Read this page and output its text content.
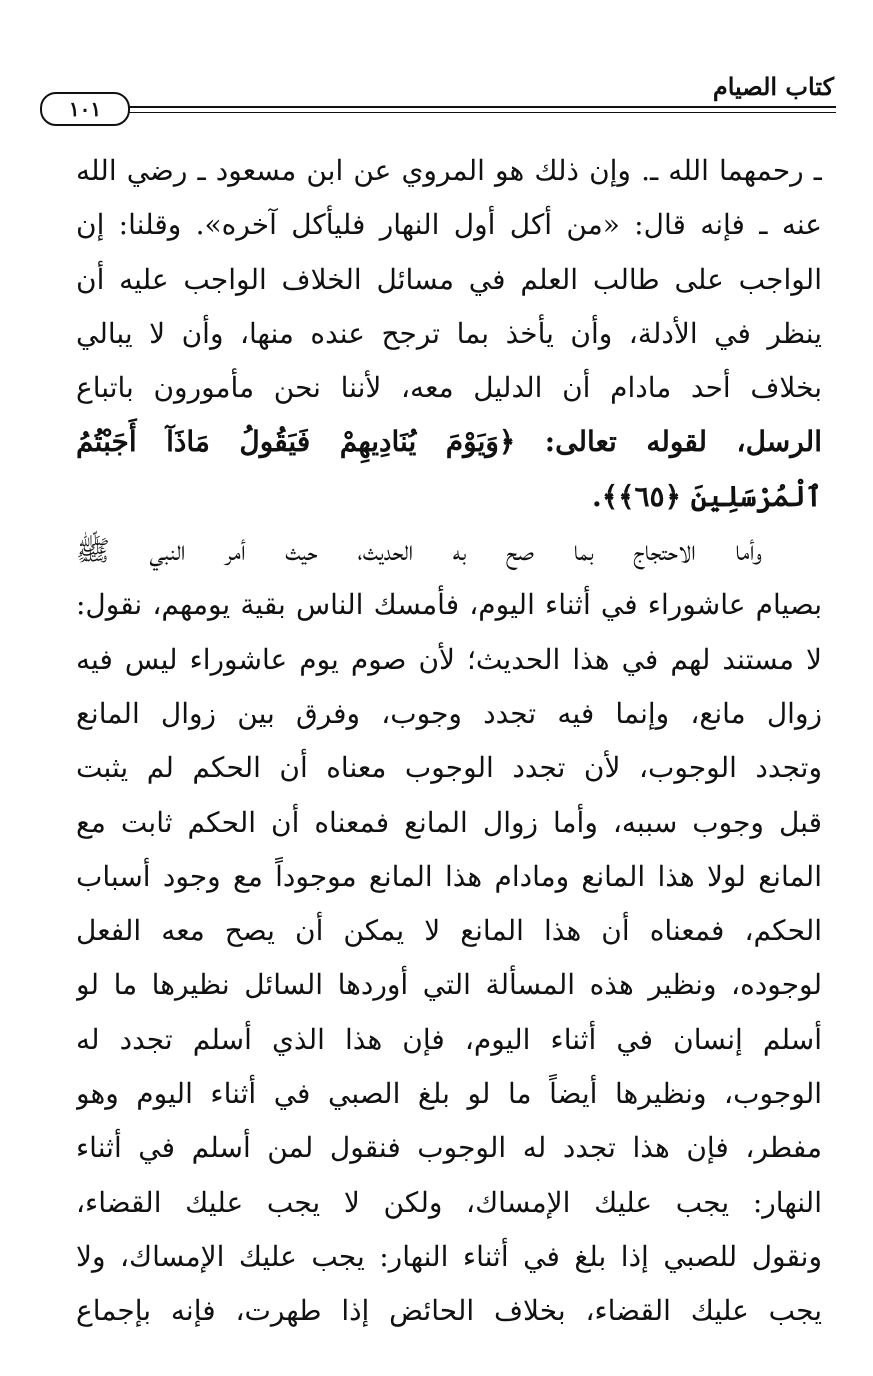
كتاب الصيام
١٠١
ـ رحمهما الله ـ. وإن ذلك هو المروي عن ابن مسعود ـ رضي الله
عنه ـ فإنه قال: «من أكل أول النهار فليأكل آخره». وقلنا: إن
الواجب على طالب العلم في مسائل الخلاف الواجب عليه أن
ينظر في الأدلة، وأن يأخذ بما ترجح عنده منها، وأن لا يبالي
بخلاف أحد مادام أن الدليل معه، لأننا نحن مأمورون باتباع
الرسل، لقوله تعالى: ﴿وَيَوْمَ يُنَادِيهِمْ فَيَقُولُ مَاذَآ أَجَبْتُمُ
ٱلْمُرْسَلِينَ ﴿٦٥﴾﴾.
وأما الاحتجاج بما صح به الحديث، حيث أمر النبي ﷺ
بصيام عاشوراء في أثناء اليوم، فأمسك الناس بقية يومهم، نقول:
لا مستند لهم في هذا الحديث؛ لأن صوم يوم عاشوراء ليس فيه
زوال مانع، وإنما فيه تجدد وجوب، وفرق بين زوال المانع
وتجدد الوجوب، لأن تجدد الوجوب معناه أن الحكم لم يثبت
قبل وجوب سببه، وأما زوال المانع فمعناه أن الحكم ثابت مع
المانع لولا هذا المانع ومادام هذا المانع موجوداً مع وجود أسباب
الحكم، فمعناه أن هذا المانع لا يمكن أن يصح معه الفعل
لوجوده، ونظير هذه المسألة التي أوردها السائل نظيرها ما لو
أسلم إنسان في أثناء اليوم، فإن هذا الذي أسلم تجدد له
الوجوب، ونظيرها أيضاً ما لو بلغ الصبي في أثناء اليوم وهو
مفطر، فإن هذا تجدد له الوجوب فنقول لمن أسلم في أثناء
النهار: يجب عليك الإمساك، ولكن لا يجب عليك القضاء،
ونقول للصبي إذا بلغ في أثناء النهار: يجب عليك الإمساك، ولا
يجب عليك القضاء، بخلاف الحائض إذا طهرت، فإنه بإجماع
